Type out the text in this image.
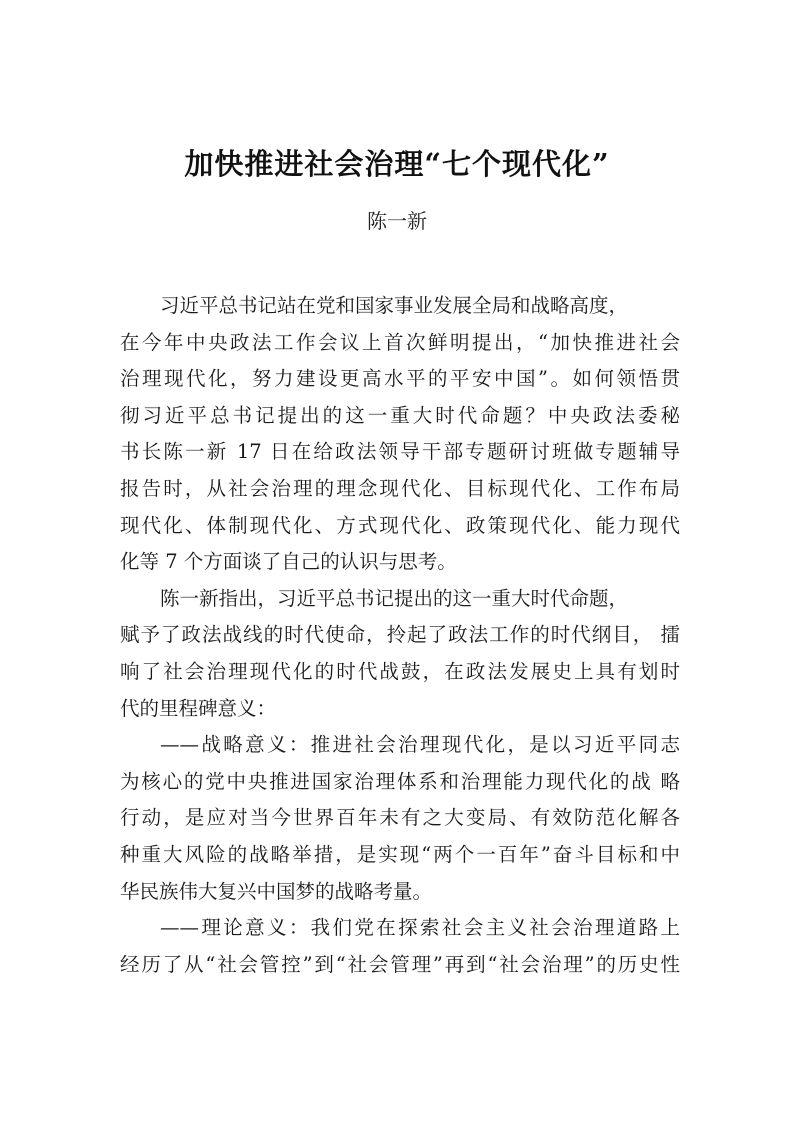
加快推进社会治理“七个现代化”
陈一新
习近平总书记站在党和国家事业发展全局和战略高度，
在今年中央政法工作会议上首次鲜明提出，“加快推进社会
治理现代化，努力建设更高水平的平安中国”。如何领悟贯
彻习近平总书记提出的这一重大时代命题？中央政法委秘
书长陈一新 17 日在给政法领导干部专题研讨班做专题辅导
报告时，从社会治理的理念现代化、目标现代化、工作布局
现代化、体制现代化、方式现代化、政策现代化、能力现代
化等 7 个方面谈了自己的认识与思考。
陈一新指出，习近平总书记提出的这一重大时代命题，
赋予了政法战线的时代使命，拎起了政法工作的时代纲目， 擂
响了社会治理现代化的时代战鼓，在政法发展史上具有划时
代的里程碑意义：
——战略意义：推进社会治理现代化，是以习近平同志
为核心的党中央推进国家治理体系和治理能力现代化的战 略
行动，是应对当今世界百年未有之大变局、有效防范化解各
种重大风险的战略举措，是实现“两个一百年”奋斗目标和中
华民族伟大复兴中国梦的战略考量。
——理论意义：我们党在探索社会主义社会治理道路上
经历了从“社会管控”到“社会管理”再到“社会治理”的历史性
